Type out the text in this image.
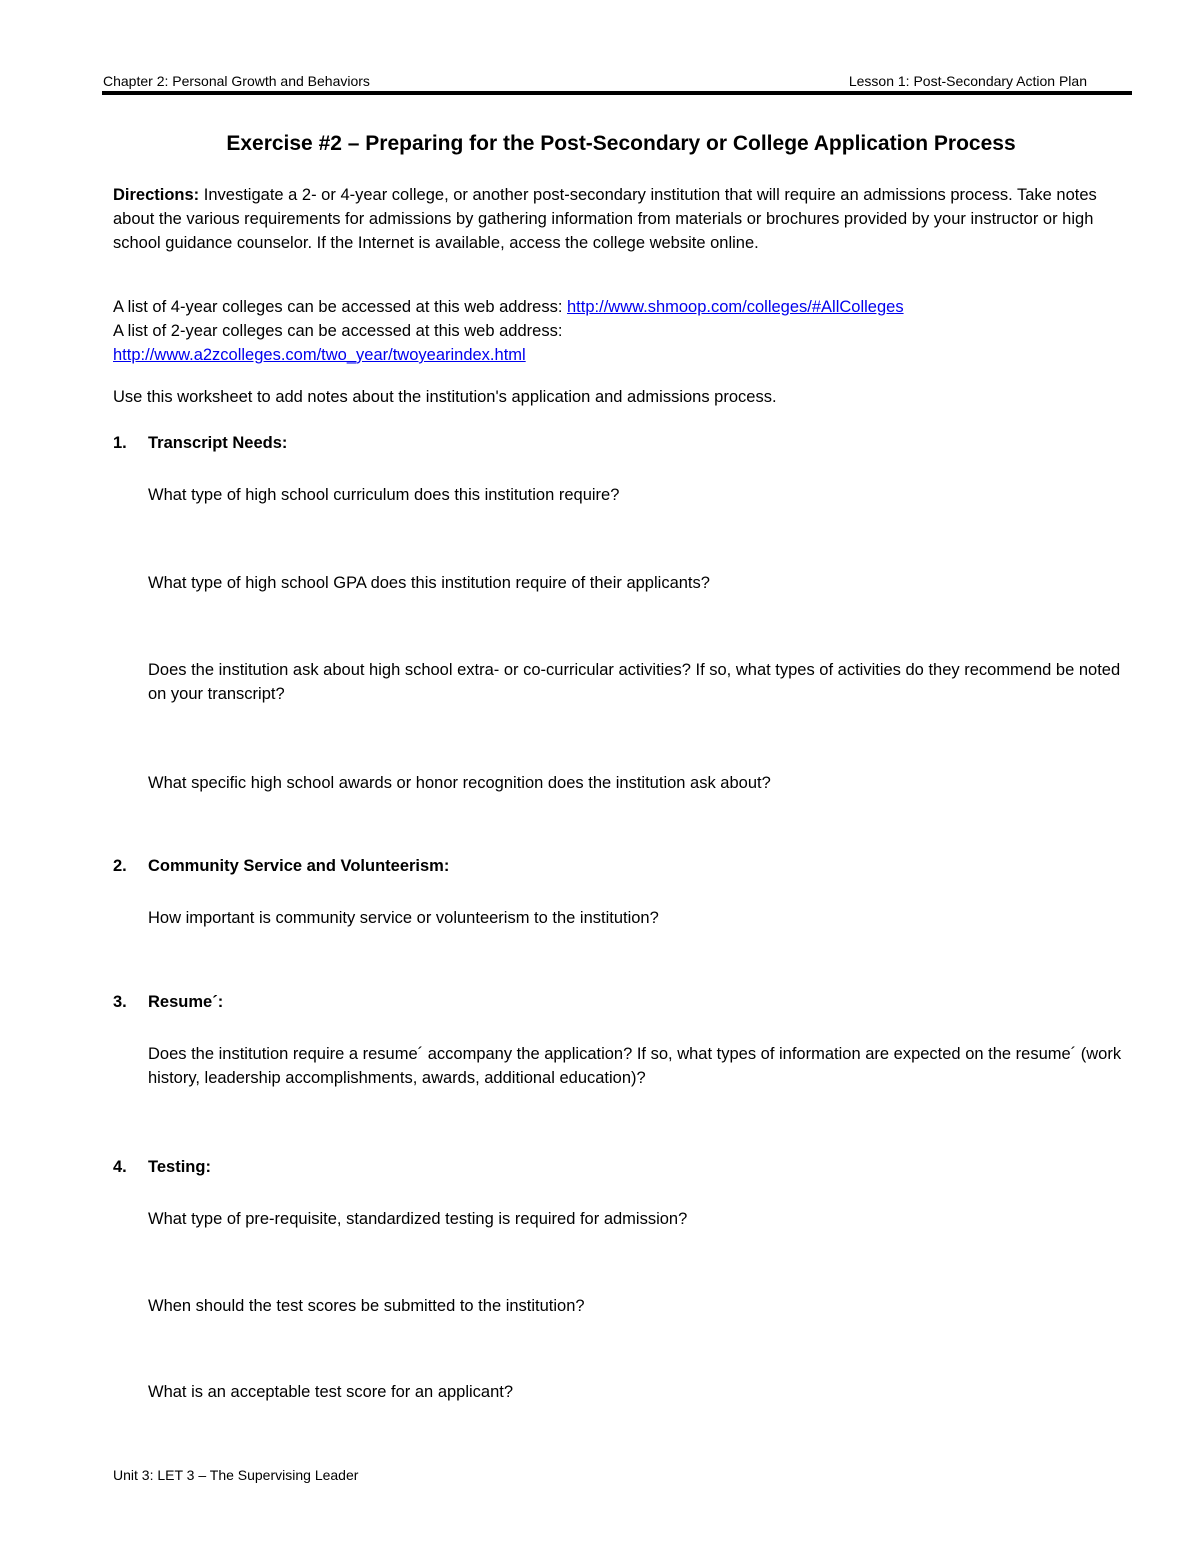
Chapter 2: Personal Growth and Behaviors	Lesson 1: Post-Secondary Action Plan
Exercise #2 – Preparing for the Post-Secondary or College Application Process
Directions: Investigate a 2- or 4-year college, or another post-secondary institution that will require an admissions process. Take notes about the various requirements for admissions by gathering information from materials or brochures provided by your instructor or high school guidance counselor. If the Internet is available, access the college website online.
A list of 4-year colleges can be accessed at this web address: http://www.shmoop.com/colleges/#AllColleges
A list of 2-year colleges can be accessed at this web address:
http://www.a2zcolleges.com/two_year/twoyearindex.html
Use this worksheet to add notes about the institution's application and admissions process.
1. Transcript Needs:
What type of high school curriculum does this institution require?
What type of high school GPA does this institution require of their applicants?
Does the institution ask about high school extra- or co-curricular activities? If so, what types of activities do they recommend be noted on your transcript?
What specific high school awards or honor recognition does the institution ask about?
2. Community Service and Volunteerism:
How important is community service or volunteerism to the institution?
3. Resume´:
Does the institution require a resume´ accompany the application? If so, what types of information are expected on the resume´ (work history, leadership accomplishments, awards, additional education)?
4. Testing:
What type of pre-requisite, standardized testing is required for admission?
When should the test scores be submitted to the institution?
What is an acceptable test score for an applicant?
Unit 3: LET 3 – The Supervising Leader
